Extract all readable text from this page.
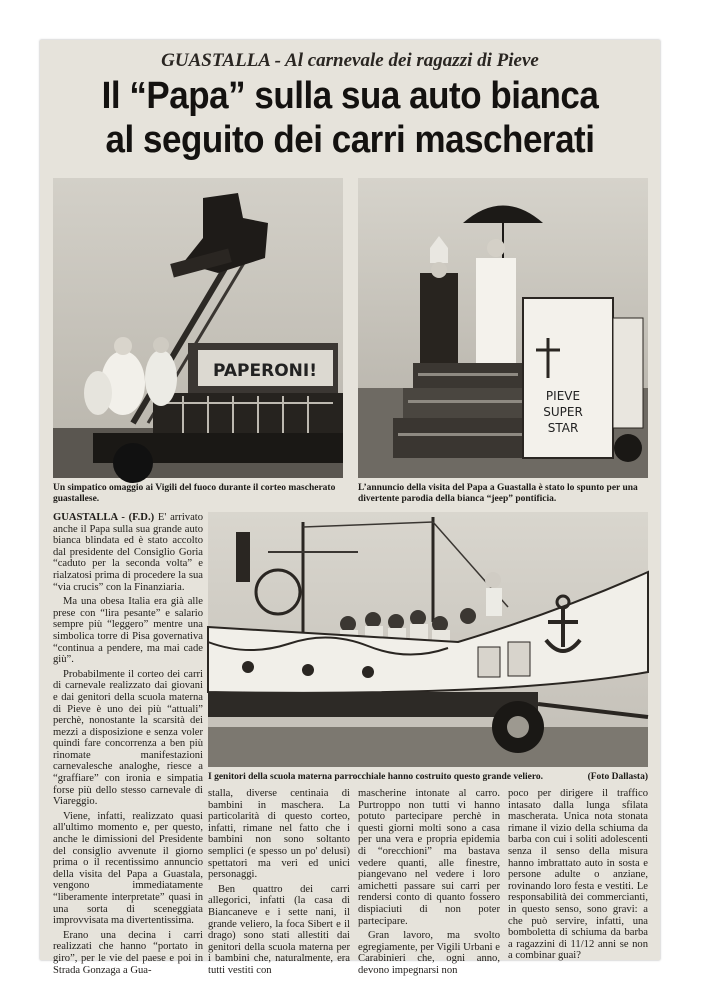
GUASTALLA - Al carnevale dei ragazzi di Pieve
Il “Papa” sulla sua auto bianca
al seguito dei carri mascherati
PAPERONI!
PIEVE
SUPER
STAR
Un simpatico omaggio ai Vigili del fuoco durante il corteo mascherato guastallese.
L’annuncio della visita del Papa a Guastalla è stato lo spunto per una divertente parodia della bianca “jeep” pontificia.

GUASTALLA - (F.D.) E' arrivato anche il Papa sulla sua grande auto bianca blindata ed è stato accolto dal presidente del Consiglio Goria “caduto per la seconda volta” e rialzatosi prima di procedere la sua “via crucis” con la Finanziaria.

Ma una obesa Italia era già alle prese con “lira pesante” e salario sempre più “leggero” mentre una simbolica torre di Pisa governativa “continua a pendere, ma mai cade giù”.

Probabilmente il corteo dei carri di carnevale realizzato dai giovani e dai genitori della scuola materna di Pieve è uno dei più “attuali” perchè, nonostante la scarsità dei mezzi a disposizione e senza voler quindi fare concorrenza a ben più rinomate manifestazioni carnevalesche analoghe, riesce a “graffiare” con ironia e simpatia forse più dello stesso carnevale di Viareggio.

Viene, infatti, realizzato quasi all'ultimo momento e, per questo, anche le dimissioni del Presidente del consiglio avvenute il giorno prima o il recentissimo annuncio della visita del Papa a Guastala, vengono immediatamente “liberamente interpretate” quasi in una sorta di sceneggiata improvvisata ma divertentissima.

Erano una decina i carri realizzati che hanno “portato in giro”, per le vie del paese e poi in Strada Gonzaga a Gua-

I genitori della scuola materna parrocchiale hanno costruito questo grande veliero.	(Foto Dallasta)

stalla, diverse centinaia di bambini in maschera. La particolarità di questo corteo, infatti, rimane nel fatto che i bambini non sono soltanto semplici (e spesso un po' delusi) spettatori ma veri ed unici personaggi.

Ben quattro dei carri allegorici, infatti (la casa di Biancaneve e i sette nani, il grande veliero, la foca Sibert e il drago) sono stati allestiti dai genitori della scuola materna per i bambini che, naturalmente, era tutti vestiti con

mascherine intonate al carro. Purtroppo non tutti vi hanno potuto partecipare perchè in questi giorni molti sono a casa per una vera e propria epidemia di “orecchioni” ma bastava vedere quanti, alle finestre, piangevano nel vedere i loro amichetti passare sui carri per rendersi conto di quanto fossero dispiaciuti di non poter partecipare.

Gran lavoro, ma svolto egregiamente, per Vigili Urbani e Carabinieri che, ogni anno, devono impegnarsi non

poco per dirigere il traffico intasato dalla lunga sfilata mascherata. Unica nota stonata rimane il vizio della schiuma da barba con cui i soliti adolescenti senza il senso della misura hanno imbrattato auto in sosta e persone adulte o anziane, rovinando loro festa e vestiti. Le responsabilità dei commercianti, in questo senso, sono gravi: a che può servire, infatti, una bomboletta di schiuma da barba a ragazzini di 11/12 anni se non a combinar guai?
